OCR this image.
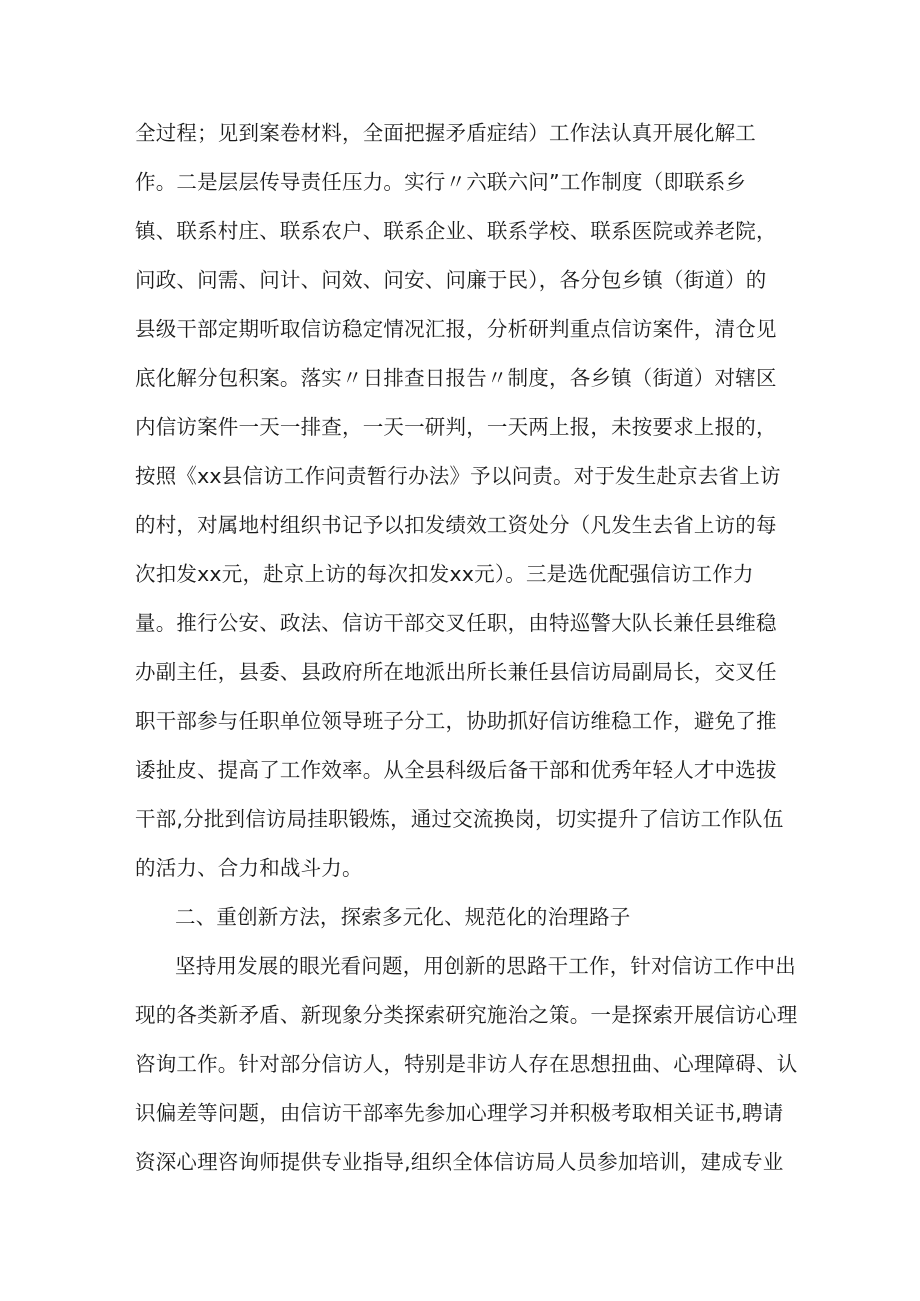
全过程；见到案卷材料，全面把握矛盾症结）工作法认真开展化解工
作。二是层层传导责任压力。实行〃六联六问”工作制度（即联系乡
镇、联系村庄、联系农户、联系企业、联系学校、联系医院或养老院，
问政、问需、问计、问效、问安、问廉于民），各分包乡镇（街道）的
县级干部定期听取信访稳定情况汇报，分析研判重点信访案件，清仓见
底化解分包积案。落实〃日排查日报告〃制度，各乡镇（街道）对辖区
内信访案件一天一排查，一天一研判，一天两上报，未按要求上报的，
按照《xx县信访工作问责暂行办法》予以问责。对于发生赴京去省上访
的村，对属地村组织书记予以扣发绩效工资处分（凡发生去省上访的每
次扣发xx元，赴京上访的每次扣发xx元）。三是选优配强信访工作力
量。推行公安、政法、信访干部交叉任职，由特巡警大队长兼任县维稳
办副主任，县委、县政府所在地派出所长兼任县信访局副局长，交叉任
职干部参与任职单位领导班子分工，协助抓好信访维稳工作，避免了推
诿扯皮、提高了工作效率。从全县科级后备干部和优秀年轻人才中选拔
干部,分批到信访局挂职锻炼，通过交流换岗，切实提升了信访工作队伍
的活力、合力和战斗力。
二、重创新方法，探索多元化、规范化的治理路子
坚持用发展的眼光看问题，用创新的思路干工作，针对信访工作中出
现的各类新矛盾、新现象分类探索研究施治之策。一是探索开展信访心理
咨询工作。针对部分信访人，特别是非访人存在思想扭曲、心理障碍、认
识偏差等问题，由信访干部率先参加心理学习并积极考取相关证书,聘请
资深心理咨询师提供专业指导,组织全体信访局人员参加培训，建成专业
